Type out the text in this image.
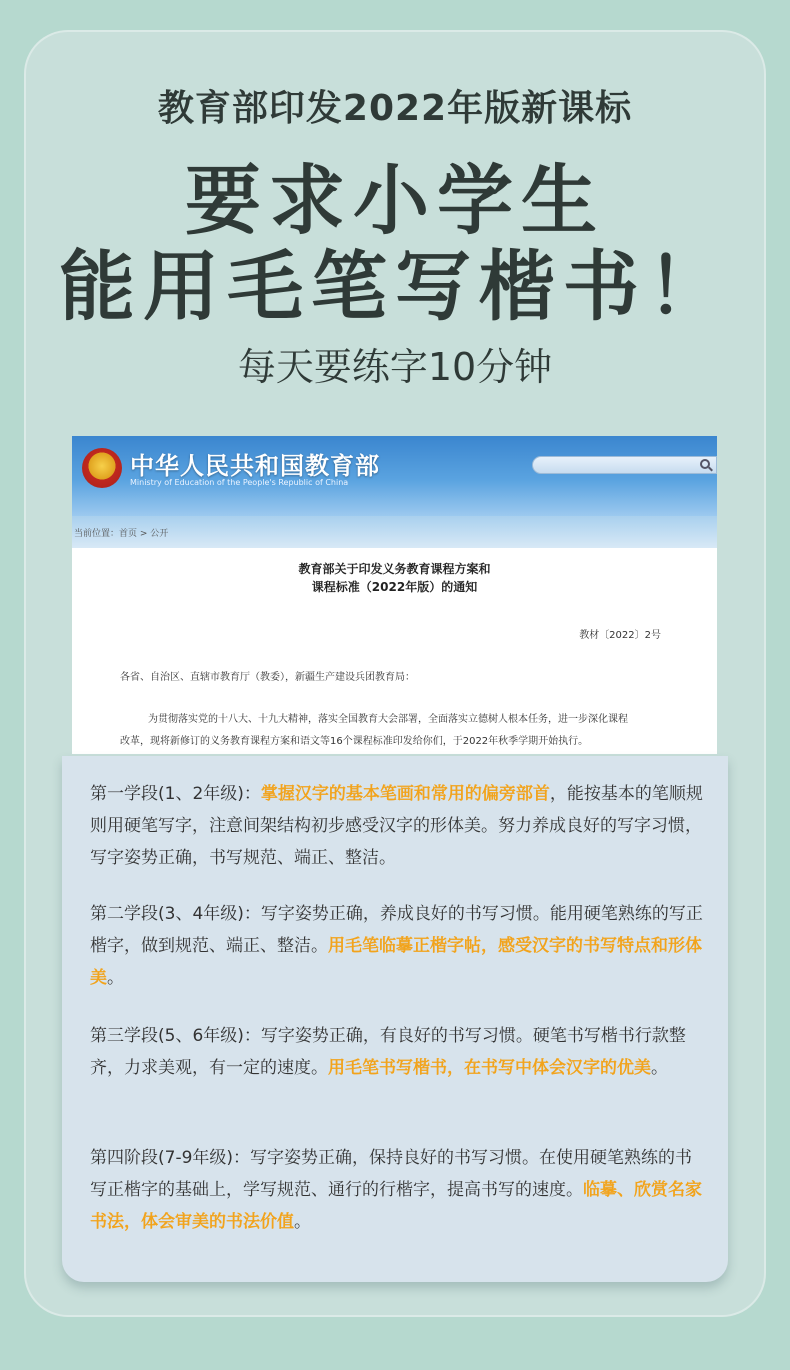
教育部印发2022年版新课标
要求小学生
能用毛笔写楷书！
每天要练字10分钟
中华人民共和国教育部
Ministry of Education of the People's Republic of China
当前位置：首页 > 公开
教育部关于印发义务教育课程方案和
课程标准（2022年版）的通知
教材〔2022〕2号
各省、自治区、直辖市教育厅（教委），新疆生产建设兵团教育局：
为贯彻落实党的十八大、十九大精神，落实全国教育大会部署，全面落实立德树人根本任务，进一步深化课程
改革，现将新修订的义务教育课程方案和语文等16个课程标准印发给你们，于2022年秋季学期开始执行。
第一学段(1、2年级)：掌握汉字的基本笔画和常用的偏旁部首，能按基本的笔顺规则用硬笔写字，注意间架结构初步感受汉字的形体美。努力养成良好的写字习惯，写字姿势正确，书写规范、端正、整洁。
第二学段(3、4年级)：写字姿势正确，养成良好的书写习惯。能用硬笔熟练的写正楷字，做到规范、端正、整洁。用毛笔临摹正楷字帖，感受汉字的书写特点和形体美。
第三学段(5、6年级)：写字姿势正确，有良好的书写习惯。硬笔书写楷书行款整齐，力求美观，有一定的速度。用毛笔书写楷书，在书写中体会汉字的优美。
第四阶段(7-9年级)：写字姿势正确，保持良好的书写习惯。在使用硬笔熟练的书写正楷字的基础上，学写规范、通行的行楷字，提高书写的速度。临摹、欣赏名家书法，体会审美的书法价值。
